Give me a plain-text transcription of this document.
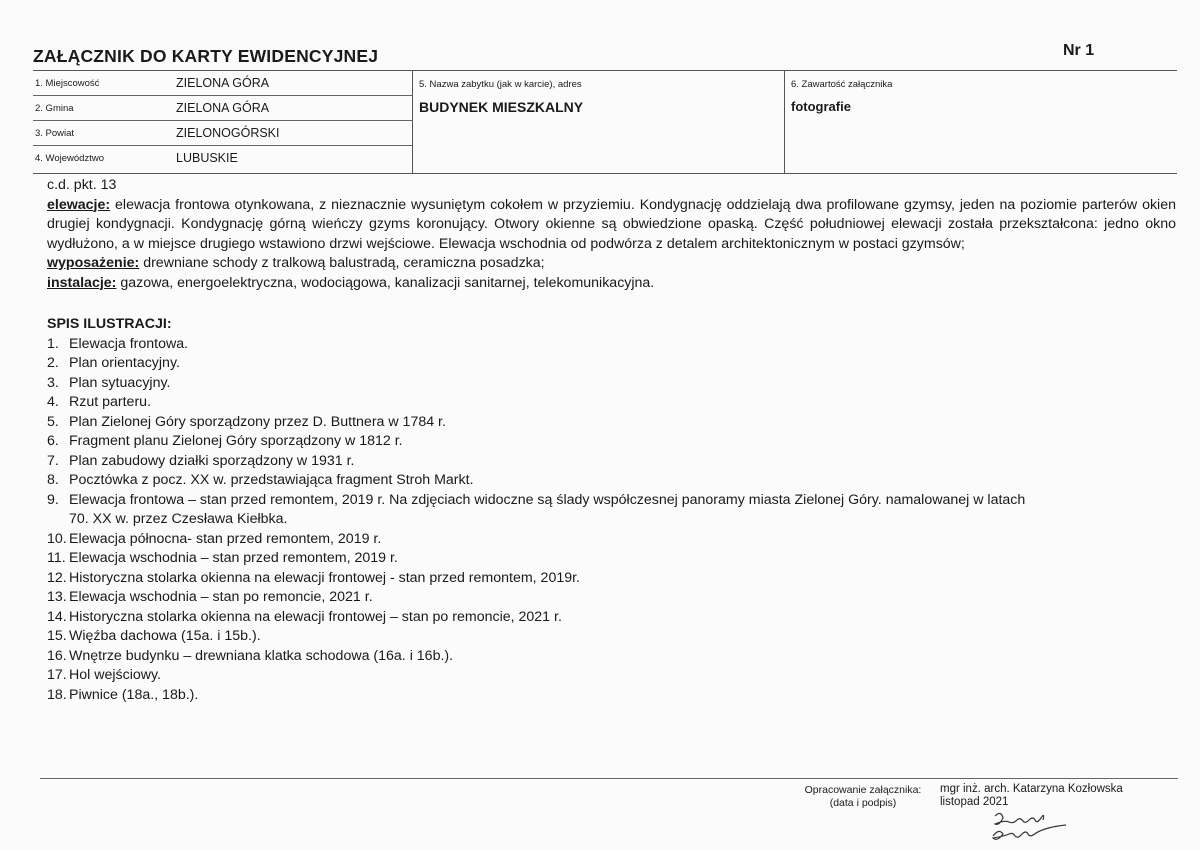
ZAŁĄCZNIK DO KARTY EWIDENCYJNEJ	Nr 1
1. Miejscowość	ZIELONA GÓRA
2. Gmina	ZIELONA GÓRA
3. Powiat	ZIELONOGÓRSKI
4. Województwo	LUBUSKIE
5. Nazwa zabytku (jak w karcie), adres
BUDYNEK MIESZKALNY
6. Zawartość załącznika
fotografie
c.d. pkt. 13
elewacje: elewacja frontowa otynkowana, z nieznacznie wysuniętym cokołem w przyziemiu. Kondygnację oddzielają dwa profilowane gzymsy, jeden na poziomie parterów okien drugiej kondygnacji. Kondygnację górną wieńczy gzyms koronujący. Otwory okienne są obwiedzione opaską. Część południowej elewacji została przekształcona: jedno okno wydłużono, a w miejsce drugiego wstawiono drzwi wejściowe. Elewacja wschodnia od podwórza z detalem architektonicznym w postaci gzymsów;
wyposażenie: drewniane schody z tralkową balustradą, ceramiczna posadzka;
instalacje: gazowa, energoelektryczna, wodociągowa, kanalizacji sanitarnej, telekomunikacyjna.
SPIS ILUSTRACJI:
1. Elewacja frontowa.
2. Plan orientacyjny.
3. Plan sytuacyjny.
4. Rzut parteru.
5. Plan Zielonej Góry sporządzony przez D. Buttnera w 1784 r.
6. Fragment planu Zielonej Góry sporządzony w 1812 r.
7. Plan zabudowy działki sporządzony w 1931 r.
8. Pocztówka z pocz. XX w. przedstawiająca fragment Stroh Markt.
9. Elewacja frontowa – stan przed remontem, 2019 r. Na zdjęciach widoczne są ślady współczesnej panoramy miasta Zielonej Góry. namalowanej w latach 70. XX w. przez Czesława Kiełbka.
10. Elewacja północna- stan przed remontem, 2019 r.
11. Elewacja wschodnia – stan przed remontem, 2019 r.
12. Historyczna stolarka okienna na elewacji frontowej - stan przed remontem, 2019r.
13. Elewacja wschodnia – stan po remoncie, 2021 r.
14. Historyczna stolarka okienna na elewacji frontowej – stan po remoncie, 2021 r.
15. Więźba dachowa (15a. i 15b.).
16. Wnętrze budynku – drewniana klatka schodowa (16a. i 16b.).
17. Hol wejściowy.
18. Piwnice (18a., 18b.).
Opracowanie załącznika:
(data i podpis)
mgr inż. arch. Katarzyna Kozłowska
listopad 2021
